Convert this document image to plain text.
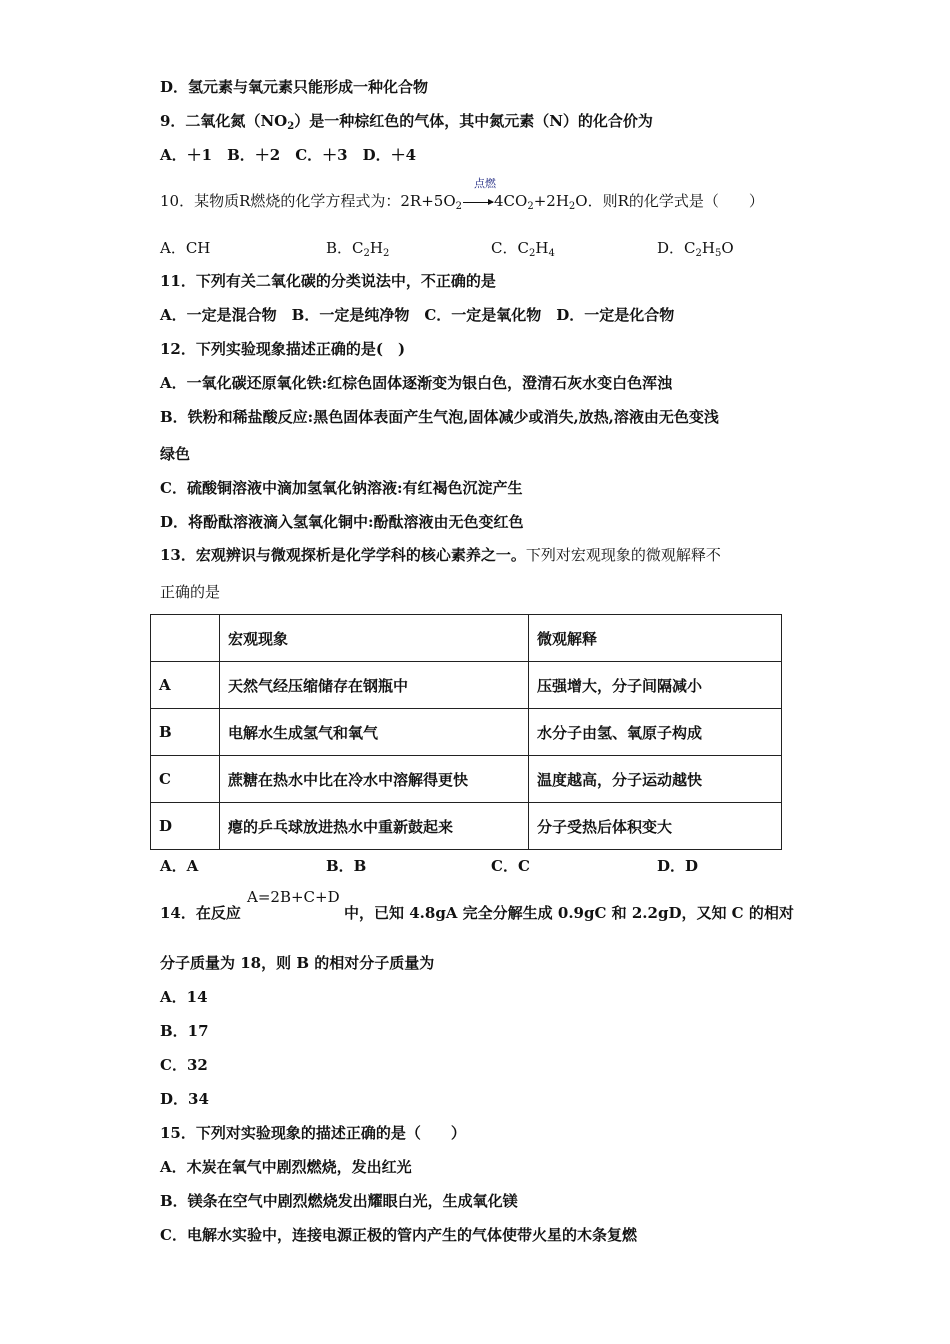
D．氢元素与氧元素只能形成一种化合物
9．二氧化氮$(NO_2)$是一种棕红色的气体，其中氮元素（N）的化合价为
A．＋1　B．＋2　C．＋3　D．＋4
点燃
10．某物质R燃烧的化学方程式为：$2R+5O_2$ $4CO_2+2H_2O$．则R的化学式是（　　）
A．CH	B．$C_2H_2$	C．$C_2H_4$	D．$C_2H_5O$
11．下列有关二氧化碳的分类说法中，不正确的是
A．一定是混合物　B．一定是纯净物　C．一定是氧化物　D．一定是化合物
12．下列实验现象描述正确的是(　)
A．一氧化碳还原氧化铁:红棕色固体逐渐变为银白色，澄清石灰水变白色浑浊
B．铁粉和稀盐酸反应:黑色固体表面产生气泡,固体减少或消失,放热,溶液由无色变浅
绿色
C．硫酸铜溶液中滴加氢氧化钠溶液:有红褐色沉淀产生
D．将酚酞溶液滴入氢氧化铜中:酚酞溶液由无色变红色
13．宏观辨识与微观探析是化学学科的核心素养之一。下列对宏观现象的微观解释不
正确的是
	宏观现象	微观解释
A	天然气经压缩储存在钢瓶中	压强增大，分子间隔减小
B	电解水生成氢气和氧气	水分子由氢、氧原子构成
C	蔗糖在热水中比在冷水中溶解得更快	温度越高，分子运动越快
D	瘪的乒乓球放进热水中重新鼓起来	分子受热后体积变大
A．A	B．B	C．C	D．D
14．在反应
A=2B+C+D
中，已知 4.8gA 完全分解生成 0.9gC 和 2.2gD，又知 C 的相对
分子质量为 18，则 B 的相对分子质量为
A．14
B．17
C．32
D．34
15．下列对实验现象的描述正确的是（　　）
A．木炭在氧气中剧烈燃烧，发出红光
B．镁条在空气中剧烈燃烧发出耀眼白光，生成氧化镁
C．电解水实验中，连接电源正极的管内产生的气体使带火星的木条复燃
